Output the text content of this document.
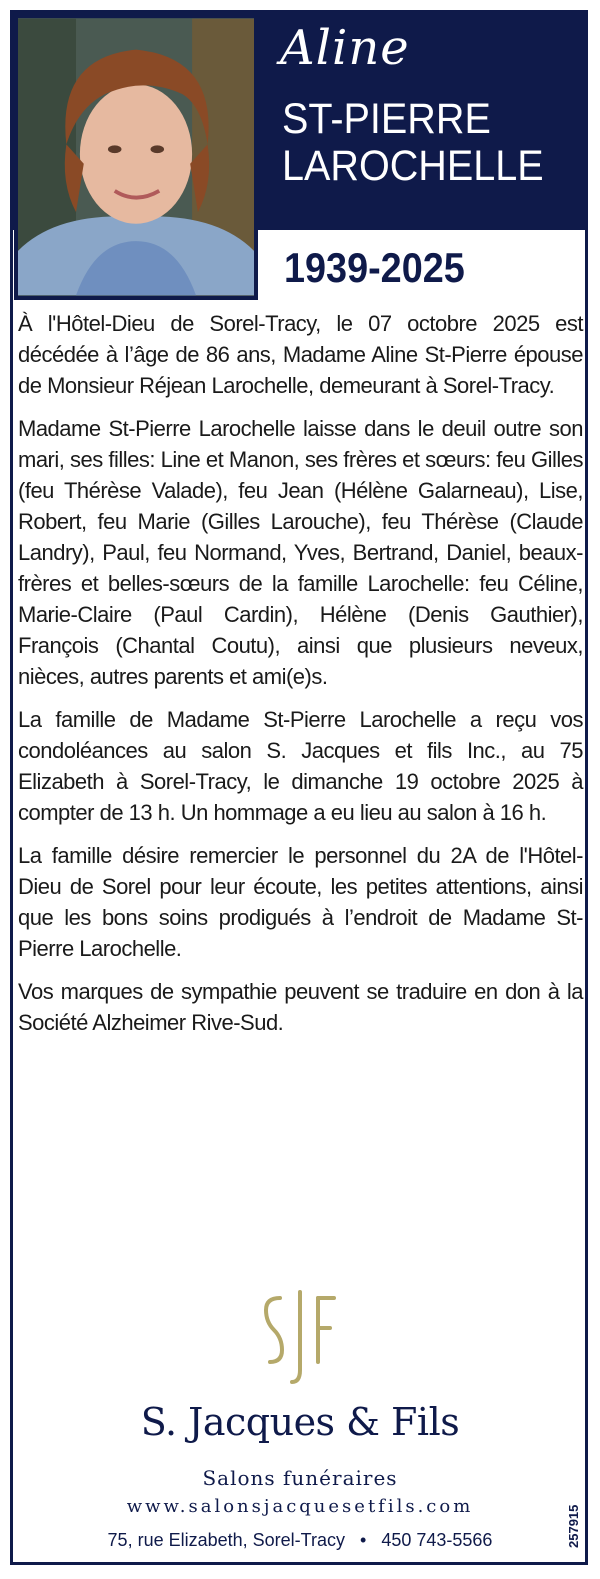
Aline
ST-PIERRE
LAROCHELLE
1939-2025

À l'Hôtel-Dieu de Sorel-Tracy, le 07 octobre 2025 est décédée à l’âge de 86 ans, Madame Aline St-Pierre épouse de Monsieur Réjean Larochelle, demeurant à Sorel-Tracy.

Madame St-Pierre Larochelle laisse dans le deuil outre son mari, ses filles: Line et Manon, ses frères et sœurs: feu Gilles (feu Thérèse Valade), feu Jean (Hélène Galarneau), Lise, Robert, feu Marie (Gilles Larouche), feu Thérèse (Claude Landry), Paul, feu Normand, Yves, Bertrand, Daniel, beaux-frères et belles-sœurs de la famille Larochelle: feu Céline, Marie-Claire (Paul Cardin), Hélène (Denis Gauthier), François (Chantal Coutu), ainsi que plusieurs neveux, nièces, autres parents et ami(e)s.

La famille de Madame St-Pierre Larochelle a reçu vos condoléances au salon S. Jacques et fils Inc., au 75 Elizabeth à Sorel-Tracy, le dimanche 19 octobre 2025 à compter de 13 h. Un hommage a eu lieu au salon à 16 h.

La famille désire remercier le personnel du 2A de l'Hôtel-Dieu de Sorel pour leur écoute, les petites attentions, ainsi que les bons soins prodigués à l’endroit de Madame St-Pierre Larochelle.

Vos marques de sympathie peuvent se traduire en don à la Société Alzheimer Rive-Sud.

S. Jacques & Fils
Salons funéraires
www.salonsjacquesetfils.com
75, rue Elizabeth, Sorel-Tracy • 450 743-5566	257915
